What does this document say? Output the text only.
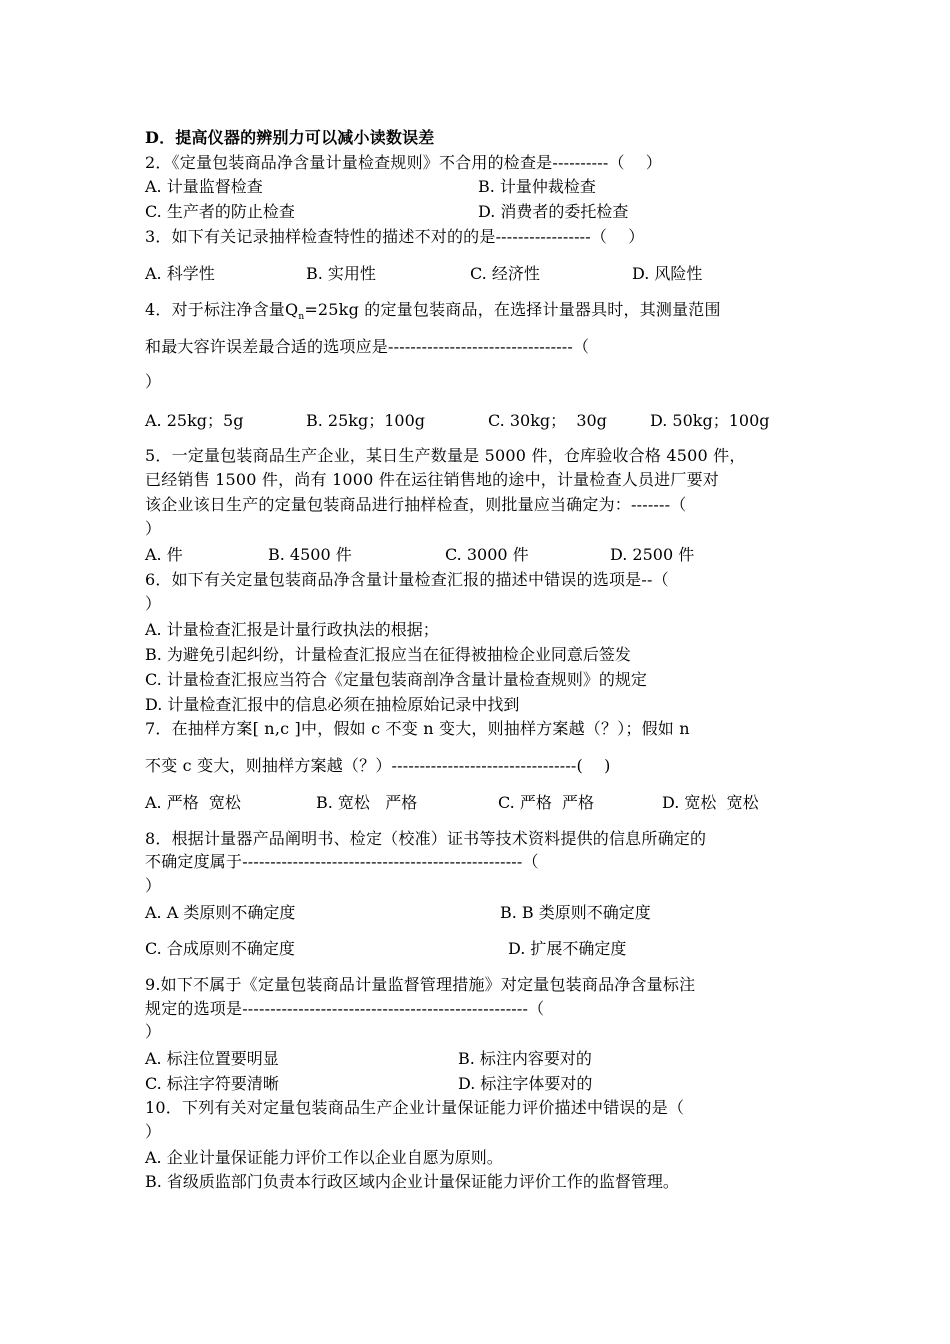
D．提高仪器的辨别力可以减小读数误差
2．《定量包装商品净含量计量检查规则》不合用的检查是----------（    ）
A. 计量监督检查	B. 计量仲裁检查
C. 生产者的防止检查	D. 消费者的委托检查
3．如下有关记录抽样检查特性的描述不对的的是-----------------（    ）
A. 科学性	B. 实用性	C. 经济性	D. 风险性
4．对于标注净含量$Q_n=25kg$ 的定量包装商品，在选择计量器具时，其测量范围
和最大容许误差最合适的选项应是---------------------------------（
）
A. 25kg；5g	B. 25kg；100g	C. 30kg；  30g	D. 50kg；100g
5．一定量包装商品生产企业，某日生产数量是 5000 件，仓库验收合格 4500 件，
已经销售 1500 件，尚有 1000 件在运往销售地的途中，计量检查人员进厂要对
该企业该日生产的定量包装商品进行抽样检查，则批量应当确定为：-------（
）
A. 件	B. 4500 件	C. 3000 件	D. 2500 件
6．如下有关定量包装商品净含量计量检查汇报的描述中错误的选项是--（
）
A. 计量检查汇报是计量行政执法的根据；
B. 为避免引起纠纷，计量检查汇报应当在征得被抽检企业同意后签发
C. 计量检查汇报应当符合《定量包装商剖净含量计量检查规则》的规定
D. 计量检查汇报中的信息必须在抽检原始记录中找到
7．在抽样方案[ n,c ]中，假如 c 不变 n 变大，则抽样方案越（？）；假如 n
不变 c 变大，则抽样方案越（？）---------------------------------(    )
A. 严格  宽松	B. 宽松   严格	C. 严格  严格	D. 宽松  宽松
8．根据计量器产品阐明书、检定（校准）证书等技术资料提供的信息所确定的
不确定度属于--------------------------------------------------（
）
A. A 类原则不确定度	B. B 类原则不确定度
C. 合成原则不确定度	D. 扩展不确定度
9.如下不属于《定量包装商品计量监督管理措施》对定量包装商品净含量标注
规定的选项是---------------------------------------------------（
）
A. 标注位置要明显	B. 标注内容要对的
C. 标注字符要清晰	D. 标注字体要对的
10．下列有关对定量包装商品生产企业计量保证能力评价描述中错误的是（
）
A. 企业计量保证能力评价工作以企业自愿为原则。
B. 省级质监部门负责本行政区域内企业计量保证能力评价工作的监督管理。
